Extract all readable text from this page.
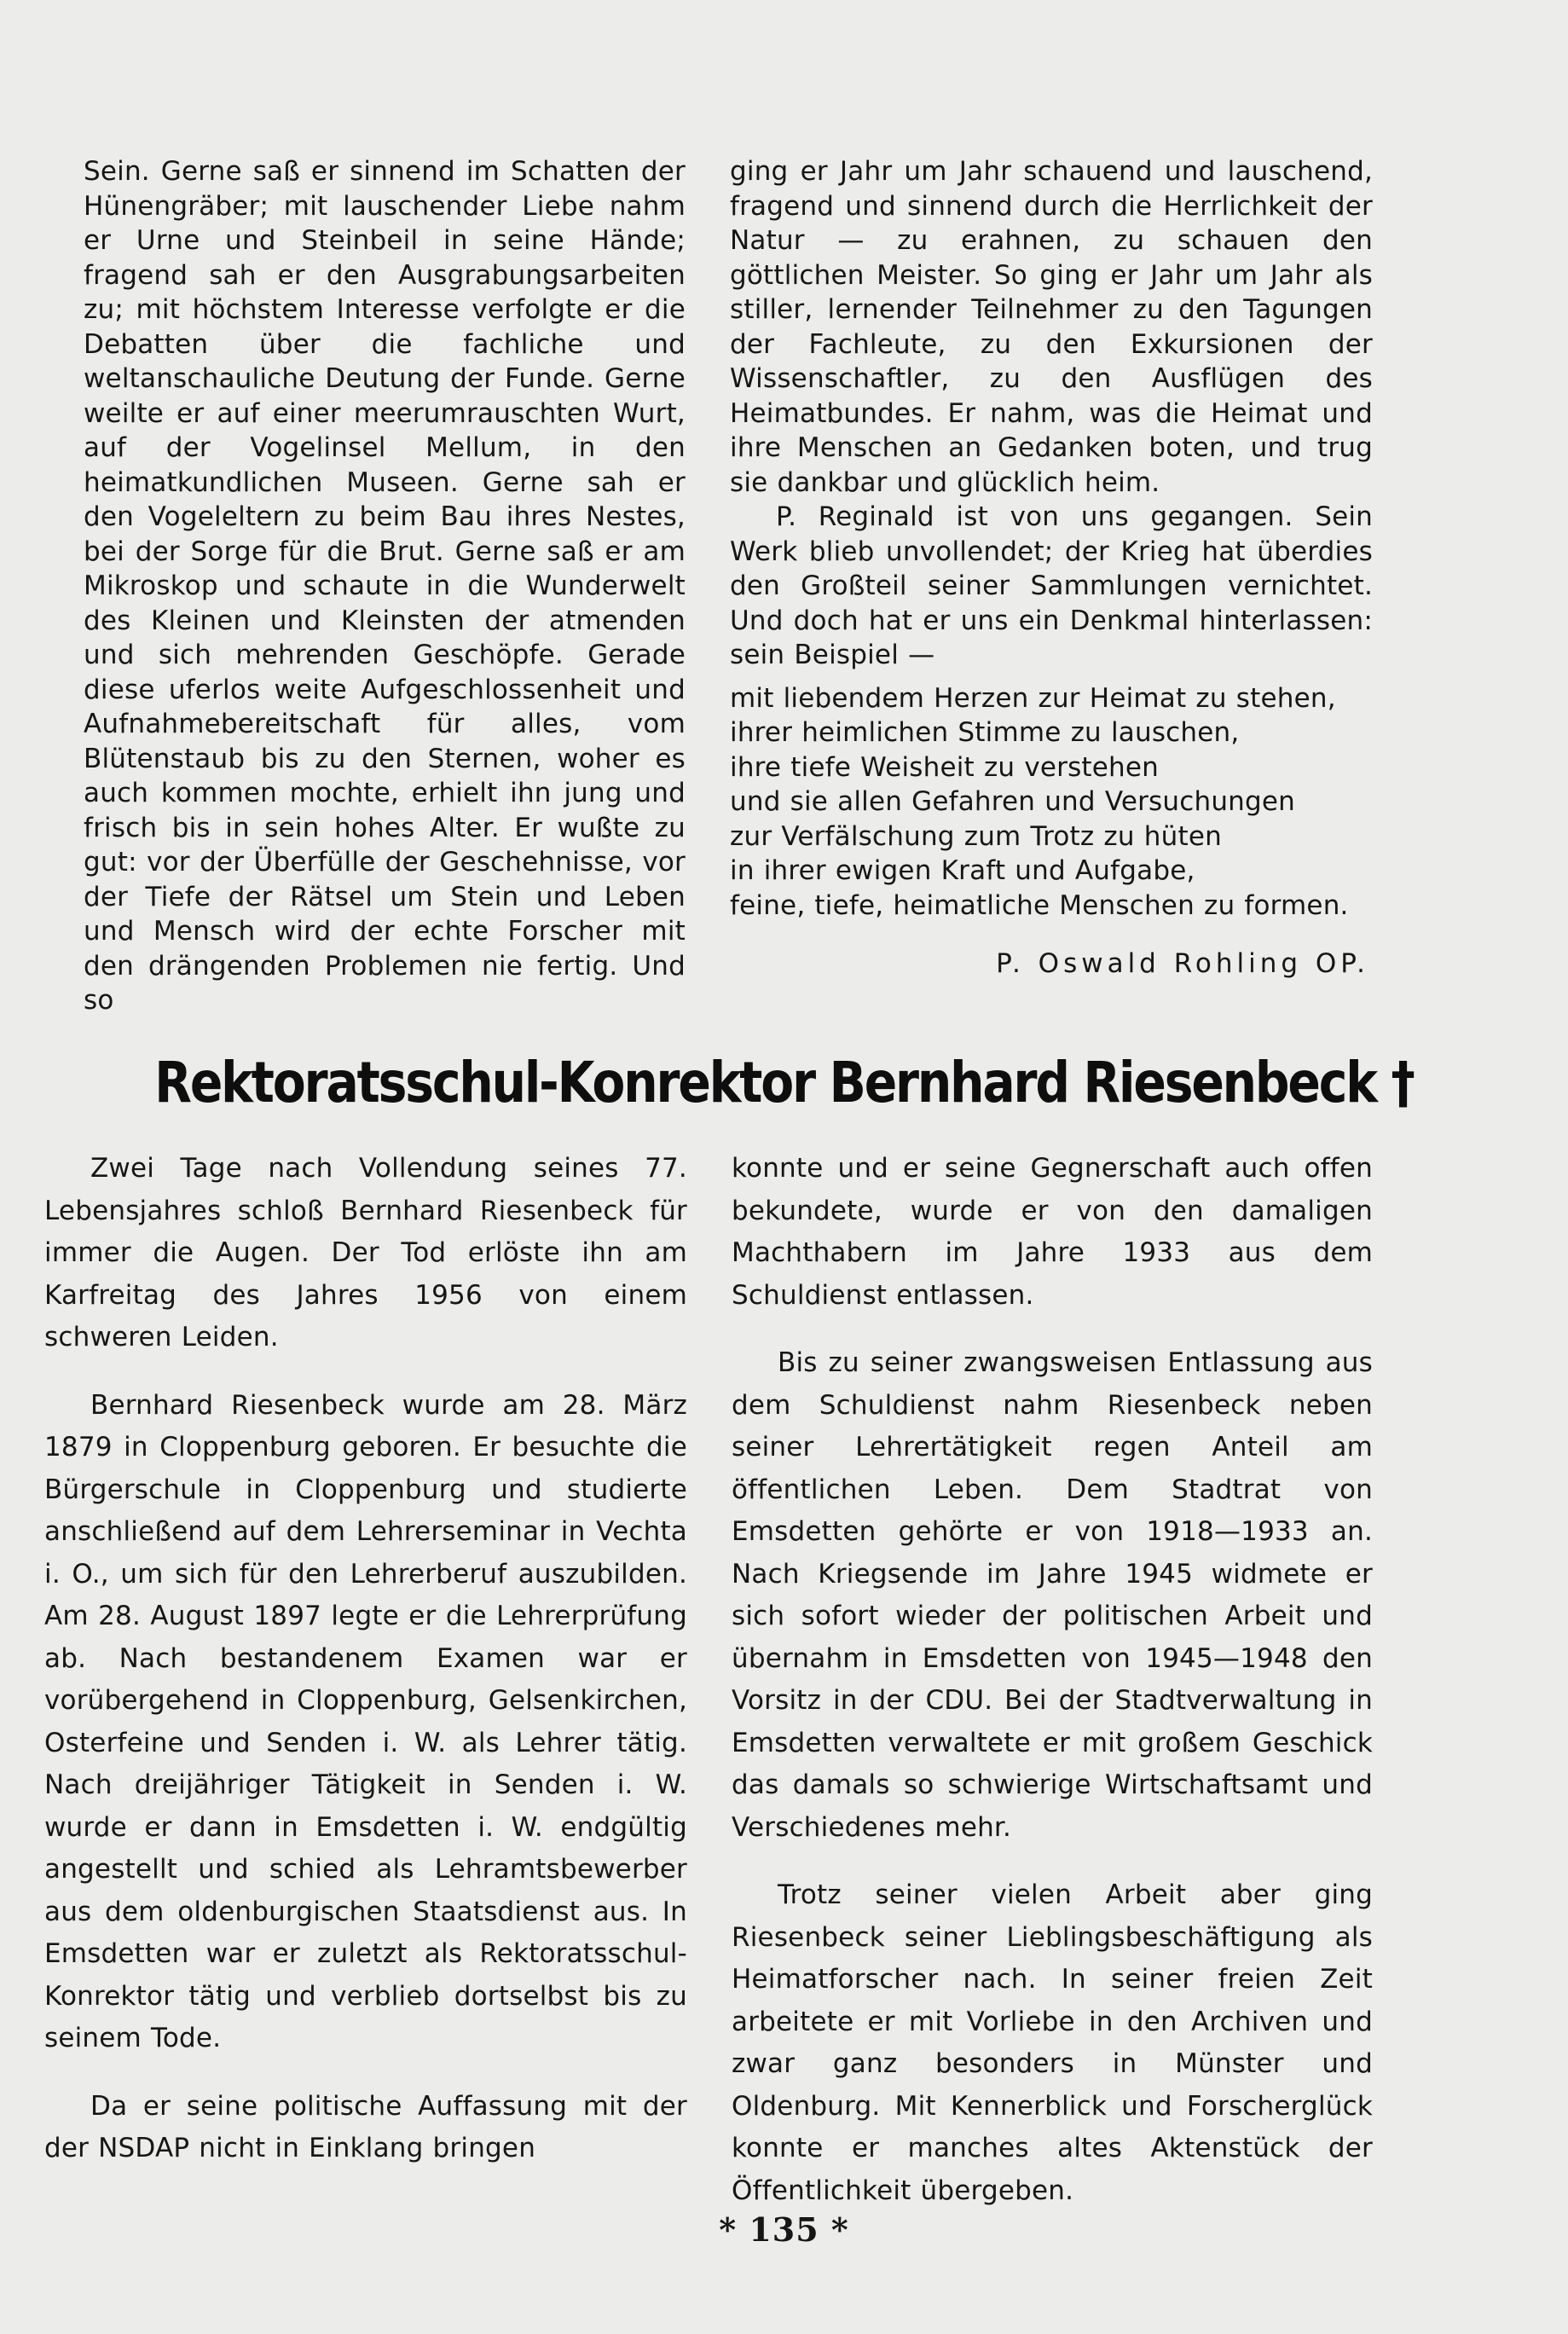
Sein. Gerne saß er sinnend im Schatten der Hünengräber; mit lauschender Liebe nahm er Urne und Steinbeil in seine Hände; fragend sah er den Ausgrabungsarbeiten zu; mit höchstem Interesse verfolgte er die Debatten über die fachliche und weltanschauliche Deutung der Funde. Gerne weilte er auf einer meerumrauschten Wurt, auf der Vogelinsel Mellum, in den heimatkundlichen Museen. Gerne sah er den Vogeleltern zu beim Bau ihres Nestes, bei der Sorge für die Brut. Gerne saß er am Mikroskop und schaute in die Wunderwelt des Kleinen und Kleinsten der atmenden und sich mehrenden Geschöpfe. Gerade diese uferlos weite Aufgeschlossenheit und Aufnahmebereitschaft für alles, vom Blütenstaub bis zu den Sternen, woher es auch kommen mochte, erhielt ihn jung und frisch bis in sein hohes Alter. Er wußte zu gut: vor der Überfülle der Geschehnisse, vor der Tiefe der Rätsel um Stein und Leben und Mensch wird der echte Forscher mit den drängenden Problemen nie fertig. Und so

ging er Jahr um Jahr schauend und lauschend, fragend und sinnend durch die Herrlichkeit der Natur — zu erahnen, zu schauen den göttlichen Meister. So ging er Jahr um Jahr als stiller, lernender Teilnehmer zu den Tagungen der Fachleute, zu den Exkursionen der Wissenschaftler, zu den Ausflügen des Heimatbundes. Er nahm, was die Heimat und ihre Menschen an Gedanken boten, und trug sie dankbar und glücklich heim.

P. Reginald ist von uns gegangen. Sein Werk blieb unvollendet; der Krieg hat überdies den Großteil seiner Sammlungen vernichtet. Und doch hat er uns ein Denkmal hinterlassen: sein Beispiel —

mit liebendem Herzen zur Heimat zu stehen,
ihrer heimlichen Stimme zu lauschen,
ihre tiefe Weisheit zu verstehen
und sie allen Gefahren und Versuchungen
zur Verfälschung zum Trotz zu hüten
in ihrer ewigen Kraft und Aufgabe,
feine, tiefe, heimatliche Menschen zu formen.
P. Oswald Rohling OP.
Rektoratsschul-Konrektor Bernhard Riesenbeck †

Zwei Tage nach Vollendung seines 77. Lebensjahres schloß Bernhard Riesenbeck für immer die Augen. Der Tod erlöste ihn am Karfreitag des Jahres 1956 von einem schweren Leiden.

Bernhard Riesenbeck wurde am 28. März 1879 in Cloppenburg geboren. Er besuchte die Bürgerschule in Cloppenburg und studierte anschließend auf dem Lehrerseminar in Vechta i. O., um sich für den Lehrerberuf auszubilden. Am 28. August 1897 legte er die Lehrerprüfung ab. Nach bestandenem Examen war er vorübergehend in Cloppenburg, Gelsenkirchen, Osterfeine und Senden i. W. als Lehrer tätig. Nach dreijähriger Tätigkeit in Senden i. W. wurde er dann in Emsdetten i. W. endgültig angestellt und schied als Lehramtsbewerber aus dem oldenburgischen Staatsdienst aus. In Emsdetten war er zuletzt als Rektoratsschul-Konrektor tätig und verblieb dortselbst bis zu seinem Tode.

Da er seine politische Auffassung mit der der NSDAP nicht in Einklang bringen

konnte und er seine Gegnerschaft auch offen bekundete, wurde er von den damaligen Machthabern im Jahre 1933 aus dem Schuldienst entlassen.

Bis zu seiner zwangsweisen Entlassung aus dem Schuldienst nahm Riesenbeck neben seiner Lehrertätigkeit regen Anteil am öffentlichen Leben. Dem Stadtrat von Emsdetten gehörte er von 1918—1933 an. Nach Kriegsende im Jahre 1945 widmete er sich sofort wieder der politischen Arbeit und übernahm in Emsdetten von 1945—1948 den Vorsitz in der CDU. Bei der Stadtverwaltung in Emsdetten verwaltete er mit großem Geschick das damals so schwierige Wirtschaftsamt und Verschiedenes mehr.

Trotz seiner vielen Arbeit aber ging Riesenbeck seiner Lieblingsbeschäftigung als Heimatforscher nach. In seiner freien Zeit arbeitete er mit Vorliebe in den Archiven und zwar ganz besonders in Münster und Oldenburg. Mit Kennerblick und Forscherglück konnte er manches altes Aktenstück der Öffentlichkeit übergeben.

* 135 *
